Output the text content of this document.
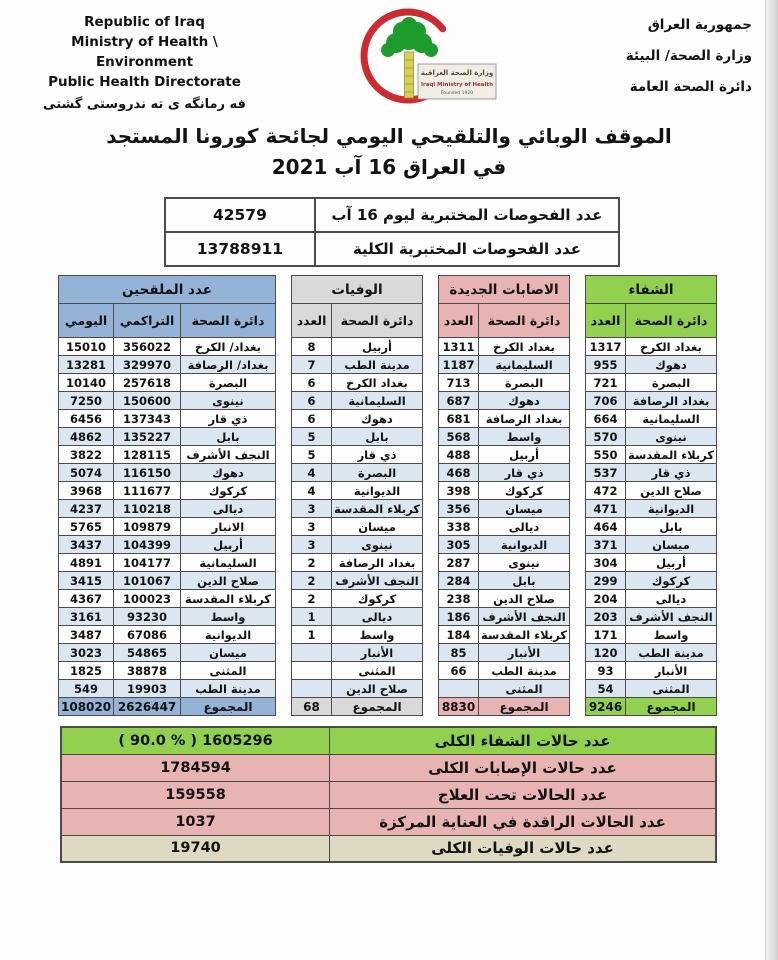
Republic of Iraq
Ministry of Health \ Environment
Public Health Directorate
فه رمانگه ی ته ندروستی گشتی
وزارة الصحة العراقية
Iraqi Ministry of Health
Founded 1920
جمهورية العراق
وزارة الصحة/ البيئة
دائرة الصحة العامة
الموقف الوبائي والتلقيحي اليومي لجائحة كورونا المستجد
في العراق 16 آب 2021
عدد الفحوصات المختبرية ليوم 16 آب	42579
عدد الفحوصات المختبرية الكلية	13788911
الشفاء	
دائرة الصحة	العدد
بغداد الكرخ	1317
دهوك	955
البصرة	721
بغداد الرصافة	706
السليمانية	664
نينوى	570
كربلاء المقدسة	550
ذي قار	537
صلاح الدين	472
الديوانية	471
بابل	464
ميسان	371
أربيل	304
كركوك	299
ديالى	204
النجف الأشرف	203
واسط	171
مدينة الطب	120
الأنبار	93
المثنى	54
المجموع	9246
الاصابات الجديدة	
دائرة الصحة	العدد
بغداد الكرخ	1311
السليمانية	1187
البصرة	713
دهوك	687
بغداد الرصافة	681
واسط	568
أربيل	488
ذي قار	468
كركوك	398
ميسان	356
ديالى	338
الديوانية	305
نينوى	287
بابل	284
صلاح الدين	238
النجف الأشرف	186
كربلاء المقدسة	184
الأنبار	85
مدينة الطب	66
المثنى	
المجموع	8830
الوفيات	
دائرة الصحة	العدد
أربيل	8
مدينة الطب	7
بغداد الكرخ	6
السليمانية	6
دهوك	6
بابل	5
ذي قار	5
البصرة	4
الديوانية	4
كربلاء المقدسة	3
ميسان	3
نينوى	3
بغداد الرصافة	2
النجف الأشرف	2
كركوك	2
ديالى	1
واسط	1
الأنبار	
المثنى	
صلاح الدين	
المجموع	68
عدد الملقحين		
دائرة الصحة	التراكمي	اليومي
بغداد/ الكرخ	356022	15010
بغداد/ الرصافة	329970	13281
البصرة	257618	10140
نينوى	150600	7250
ذي قار	137343	6456
بابل	135227	4862
النجف الأشرف	128115	3822
دهوك	116150	5074
كركوك	111677	3968
ديالى	110218	4237
الانبار	109879	5765
أربيل	104399	3437
السليمانية	104177	4891
صلاح الدين	101067	3415
كربلاء المقدسة	100023	4367
واسط	93230	3161
الديوانية	67086	3487
ميسان	54865	3023
المثنى	38878	1825
مدينة الطب	19903	549
المجموع	2626447	108020
عدد حالات الشفاء الكلى	( 90.0 % ) 1605296
عدد حالات الإصابات الكلى	1784594
عدد الحالات تحت العلاج	159558
عدد الحالات الراقدة في العناية المركزة	1037
عدد حالات الوفيات الكلى	19740
